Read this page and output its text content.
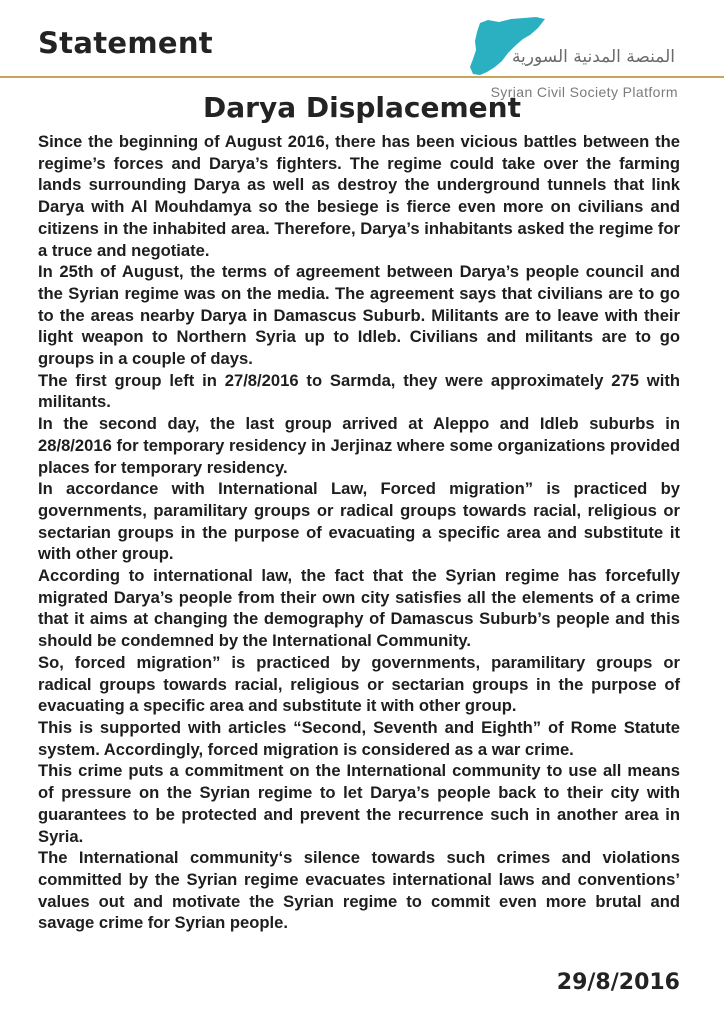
Statement	المنصة المدنية السورية
Syrian Civil Society Platform
Darya Displacement

Since the beginning of August 2016, there has been vicious battles between the regime’s forces and Darya’s fighters. The regime could take over the farming lands surrounding Darya as well as destroy the underground tunnels that link Darya with Al Mouhdamya so the besiege is fierce even more on civilians and citizens in the inhabited area. Therefore, Darya’s inhabitants asked the regime for a truce and negotiate.

In 25th of August, the terms of agreement between Darya’s people council and the Syrian regime was on the media. The agreement says that civilians are to go to the areas nearby Darya in Damascus Suburb. Militants are to leave with their light weapon to Northern Syria up to Idleb. Civilians and militants are to go groups in a couple of days.

The first group left in 27/8/2016 to Sarmda, they were approximately 275 with militants.

In the second day, the last group arrived at Aleppo and Idleb suburbs in 28/8/2016 for temporary residency in Jerjinaz where some organizations provided places for temporary residency.

In accordance with International Law, Forced migration” is practiced by governments, paramilitary groups or radical groups towards racial, religious or sectarian groups in the purpose of evacuating a specific area and substitute it with other group.

According to international law, the fact that the Syrian regime has forcefully migrated Darya’s people from their own city satisfies all the elements of a crime that it aims at changing the demography of Damascus Suburb’s people and this should be condemned by the International Community.

So, forced migration” is practiced by governments, paramilitary groups or radical groups towards racial, religious or sectarian groups in the purpose of evacuating a specific area and substitute it with other group.

This is supported with articles “Second, Seventh and Eighth” of Rome Statute system. Accordingly, forced migration is considered as a war crime.

This crime puts a commitment on the International community to use all means of pressure on the Syrian regime to let Darya’s people back to their city with guarantees to be protected and prevent the recurrence such in another area in Syria.

The International community‘s silence towards such crimes and violations committed by the Syrian regime evacuates international laws and conventions’ values out and motivate the Syrian regime to commit even more brutal and savage crime for Syrian people.

29/8/2016
